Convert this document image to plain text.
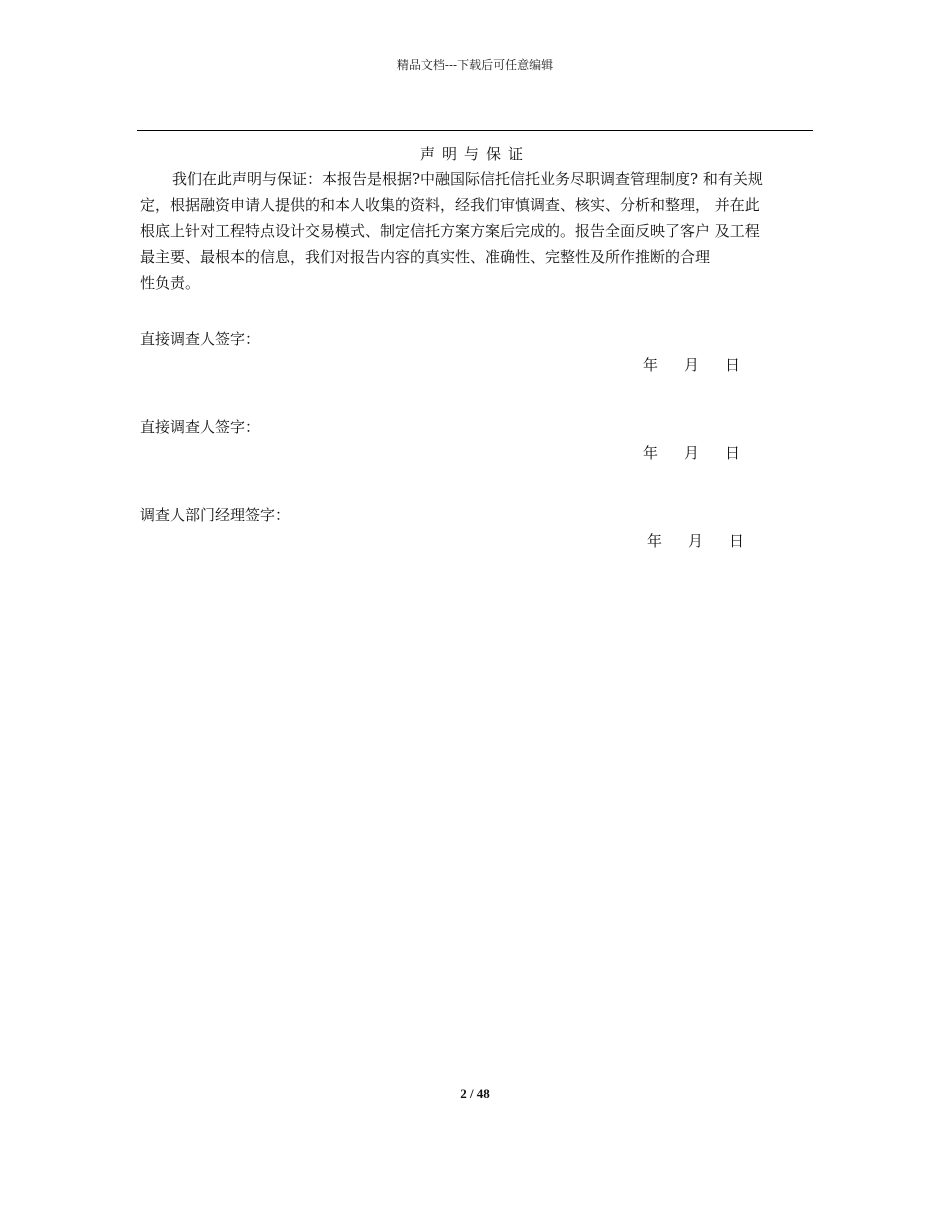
精品文档---下载后可任意编辑
声明与保证
我们在此声明与保证：本报告是根据?中融国际信托信托业务尽职调查管理制度? 和有关规
定，根据融资申请人提供的和本人收集的资料，经我们审慎调查、核实、分析和整理， 并在此
根底上针对工程特点设计交易模式、制定信托方案方案后完成的。报告全面反映了客户 及工程
最主要、最根本的信息，我们对报告内容的真实性、准确性、完整性及所作推断的合理
性负责。
直接调查人签字：
年 月 日
直接调查人签字：
年 月 日
调查人部门经理签字：
年 月 日
2 / 48
